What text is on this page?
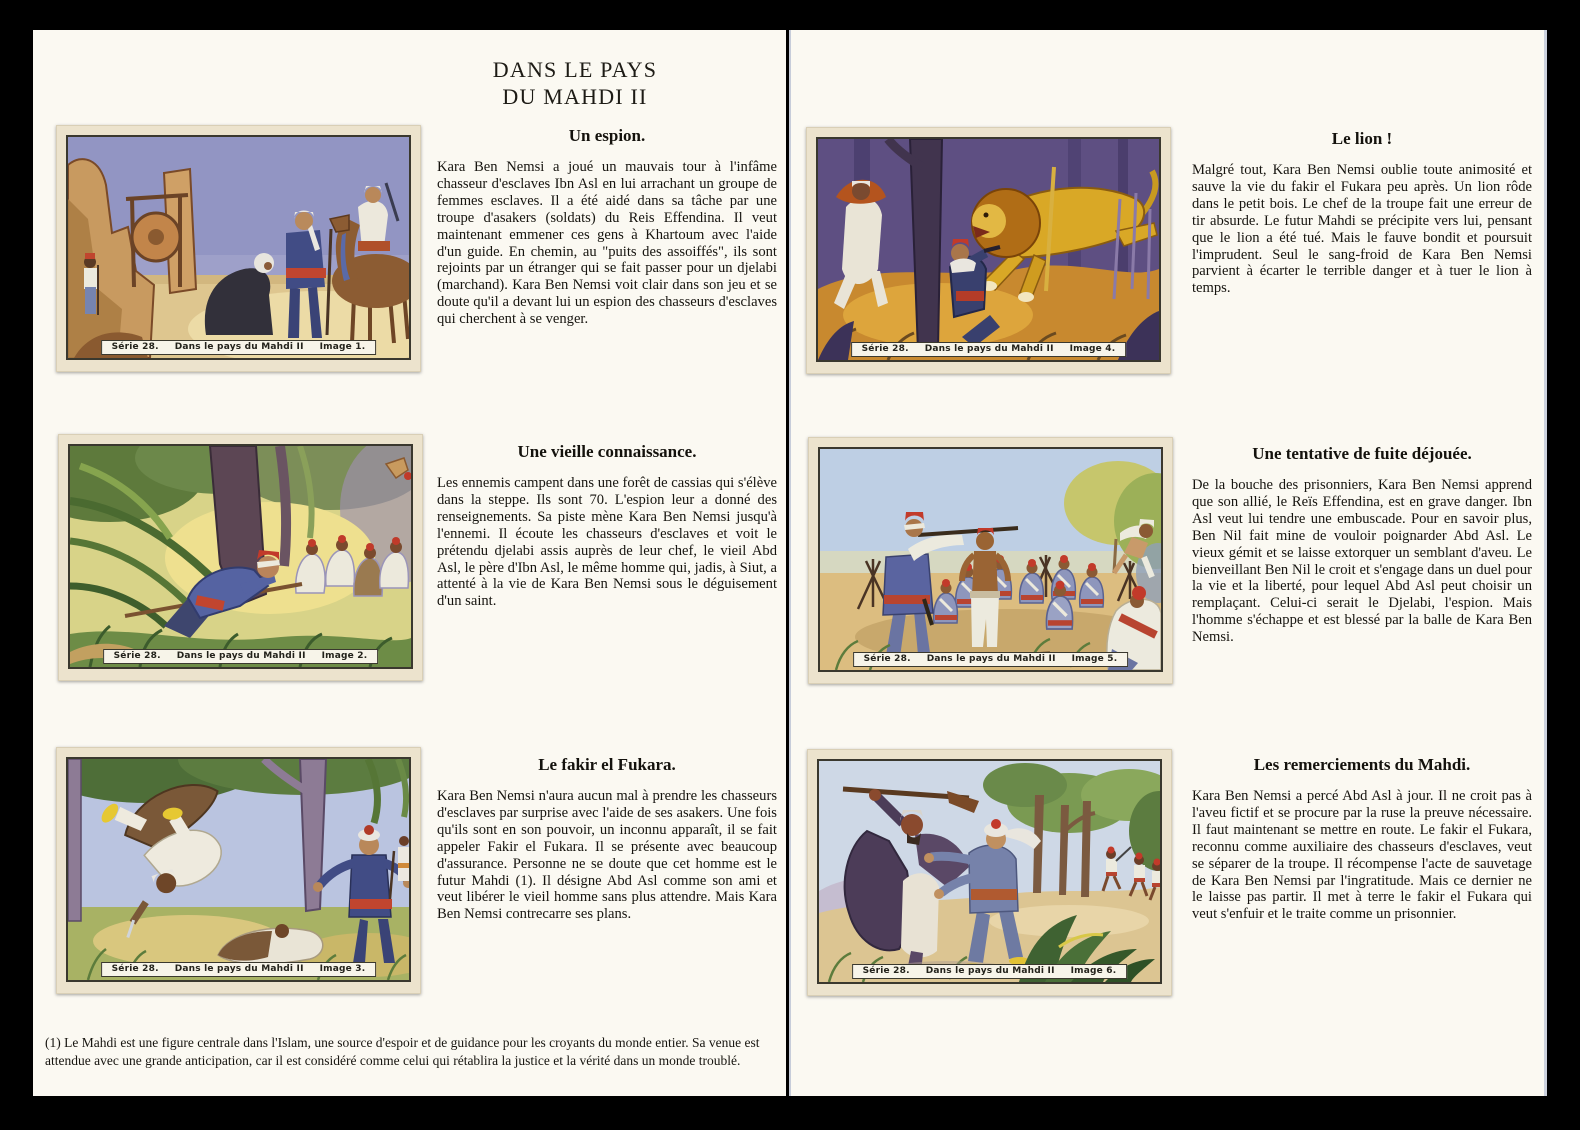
DANS LE PAYS
DU MAHDI II
Série 28. Dans le pays du Mahdi II Image 1.
Un espion.

Kara Ben Nemsi a joué un mauvais tour à l'infâme chasseur d'esclaves Ibn Asl en lui arrachant un groupe de femmes esclaves. Il a été aidé dans sa tâche par une troupe d'asakers (soldats) du Reis Effendina. Il veut maintenant emmener ces gens à Khartoum avec l'aide d'un guide. En chemin, au "puits des assoiffés", ils sont rejoints par un étranger qui se fait passer pour un djelabi (marchand). Kara Ben Nemsi voit clair dans son jeu et se doute qu'il a devant lui un espion des chasseurs d'esclaves qui cherchent à se venger.

Série 28. Dans le pays du Mahdi II Image 2.
Une vieille connaissance.

Les ennemis campent dans une forêt de cassias qui s'élève dans la steppe. Ils sont 70. L'espion leur a donné des renseignements. Sa piste mène Kara Ben Nemsi jusqu'à l'ennemi. Il écoute les chasseurs d'esclaves et voit le prétendu djelabi assis auprès de leur chef, le vieil Abd Asl, le père d'Ibn Asl, le même homme qui, jadis, à Siut, a attenté à la vie de Kara Ben Nemsi sous le déguisement d'un saint.

Série 28. Dans le pays du Mahdi II Image 3.
Le fakir el Fukara.

Kara Ben Nemsi n'aura aucun mal à prendre les chasseurs d'esclaves par surprise avec l'aide de ses asakers. Une fois qu'ils sont en son pouvoir, un inconnu apparaît, il se fait appeler Fakir el Fukara. Il se présente avec beaucoup d'assurance. Personne ne se doute que cet homme est le futur Mahdi (1). Il désigne Abd Asl comme son ami et veut libérer le vieil homme sans plus attendre. Mais Kara Ben Nemsi contrecarre ses plans.

(1) Le Mahdi est une figure centrale dans l'Islam, une source d'espoir et de guidance pour les croyants du monde entier. Sa venue est attendue avec une grande anticipation, car il est considéré comme celui qui rétablira la justice et la vérité dans un monde troublé.

Série 28. Dans le pays du Mahdi II Image 4.
Le lion !

Malgré tout, Kara Ben Nemsi oublie toute animosité et sauve la vie du fakir el Fukara peu après. Un lion rôde dans le petit bois. Le chef de la troupe fait une erreur de tir absurde. Le futur Mahdi se précipite vers lui, pensant que le lion a été tué. Mais le fauve bondit et poursuit l'imprudent. Seul le sang-froid de Kara Ben Nemsi parvient à écarter le terrible danger et à tuer le lion à temps.

Série 28. Dans le pays du Mahdi II Image 5.
Une tentative de fuite déjouée.

De la bouche des prisonniers, Kara Ben Nemsi apprend que son allié, le Reïs Effendina, est en grave danger. Ibn Asl veut lui tendre une embuscade. Pour en savoir plus, Ben Nil fait mine de vouloir poignarder Abd Asl. Le vieux gémit et se laisse extorquer un semblant d'aveu. Le bienveillant Ben Nil le croit et s'engage dans un duel pour la vie et la liberté, pour lequel Abd Asl peut choisir un remplaçant. Celui-ci serait le Djelabi, l'espion. Mais l'homme s'échappe et est blessé par la balle de Kara Ben Nemsi.

Série 28. Dans le pays du Mahdi II Image 6.
Les remerciements du Mahdi.

Kara Ben Nemsi a percé Abd Asl à jour. Il ne croit pas à l'aveu fictif et se procure par la ruse la preuve nécessaire. Il faut maintenant se mettre en route. Le fakir el Fukara, reconnu comme auxiliaire des chasseurs d'esclaves, veut se séparer de la troupe. Il récompense l'acte de sauvetage de Kara Ben Nemsi par l'ingratitude. Mais ce dernier ne le laisse pas partir. Il met à terre le fakir el Fukara qui veut s'enfuir et le traite comme un prisonnier.
